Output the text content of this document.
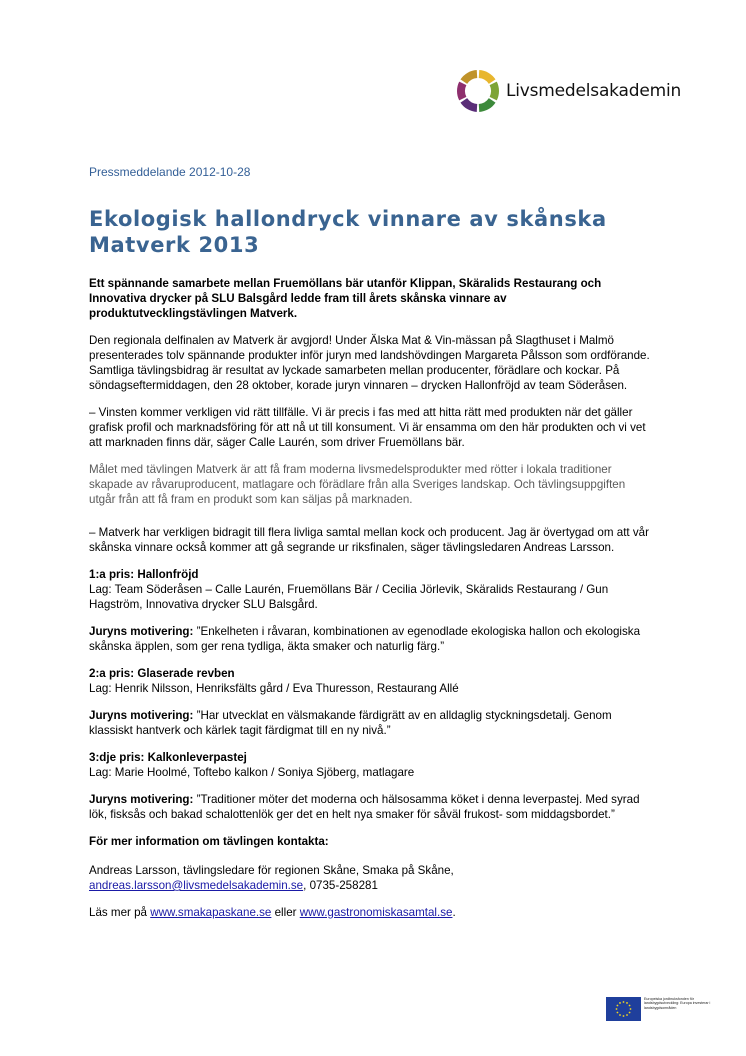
Livsmedelsakademin
Pressmeddelande 2012-10-28
Ekologisk hallondryck vinnare av skånska Matverk 2013

Ett spännande samarbete mellan Fruemöllans bär utanför Klippan, Skäralids Restaurang och Innovativa drycker på SLU Balsgård ledde fram till årets skånska vinnare av produktutvecklingstävlingen Matverk.

Den regionala delfinalen av Matverk är avgjord! Under Älska Mat & Vin-mässan på Slagthuset i Malmö presenterades tolv spännande produkter inför juryn med landshövdingen Margareta Pålsson som ordförande. Samtliga tävlingsbidrag är resultat av lyckade samarbeten mellan producenter, förädlare och kockar. På söndagseftermiddagen, den 28 oktober, korade juryn vinnaren – drycken Hallonfröjd av team Söderåsen.

– Vinsten kommer verkligen vid rätt tillfälle. Vi är precis i fas med att hitta rätt med produkten när det gäller grafisk profil och marknadsföring för att nå ut till konsument. Vi är ensamma om den här produkten och vi vet att marknaden finns där, säger Calle Laurén, som driver Fruemöllans bär.

Målet med tävlingen Matverk är att få fram moderna livsmedelsprodukter med rötter i lokala traditioner skapade av råvaruproducent, matlagare och förädlare från alla Sveriges landskap. Och tävlingsuppgiften utgår från att få fram en produkt som kan säljas på marknaden.

– Matverk har verkligen bidragit till flera livliga samtal mellan kock och producent. Jag är övertygad om att vår skånska vinnare också kommer att gå segrande ur riksfinalen, säger tävlingsledaren Andreas Larsson.

1:a pris: Hallonfröjd
Lag: Team Söderåsen – Calle Laurén, Fruemöllans Bär / Cecilia Jörlevik, Skäralids Restaurang / Gun Hagström, Innovativa drycker SLU Balsgård.

Juryns motivering: ”Enkelheten i råvaran, kombinationen av egenodlade ekologiska hallon och ekologiska skånska äpplen, som ger rena tydliga, äkta smaker och naturlig färg.”

2:a pris: Glaserade revben
Lag: Henrik Nilsson, Henriksfälts gård / Eva Thuresson, Restaurang Allé

Juryns motivering: ”Har utvecklat en välsmakande färdigrätt av en alldaglig styckningsdetalj. Genom klassiskt hantverk och kärlek tagit färdigmat till en ny nivå.”

3:dje pris: Kalkonleverpastej
Lag: Marie Hoolmé, Toftebo kalkon / Soniya Sjöberg, matlagare

Juryns motivering: ”Traditioner möter det moderna och hälsosamma köket i denna leverpastej. Med syrad lök, fisksås och bakad schalottenlök ger det en helt nya smaker för såväl frukost- som middagsbordet.”

För mer information om tävlingen kontakta:

Andreas Larsson, tävlingsledare för regionen Skåne, Smaka på Skåne,
andreas.larsson@livsmedelsakademin.se, 0735-258281

Läs mer på www.smakapaskane.se eller www.gastronomiskasamtal.se.

Europeiska jordbruksfonden för landsbygdsutveckling: Europa investerar i landsbygdsområden
